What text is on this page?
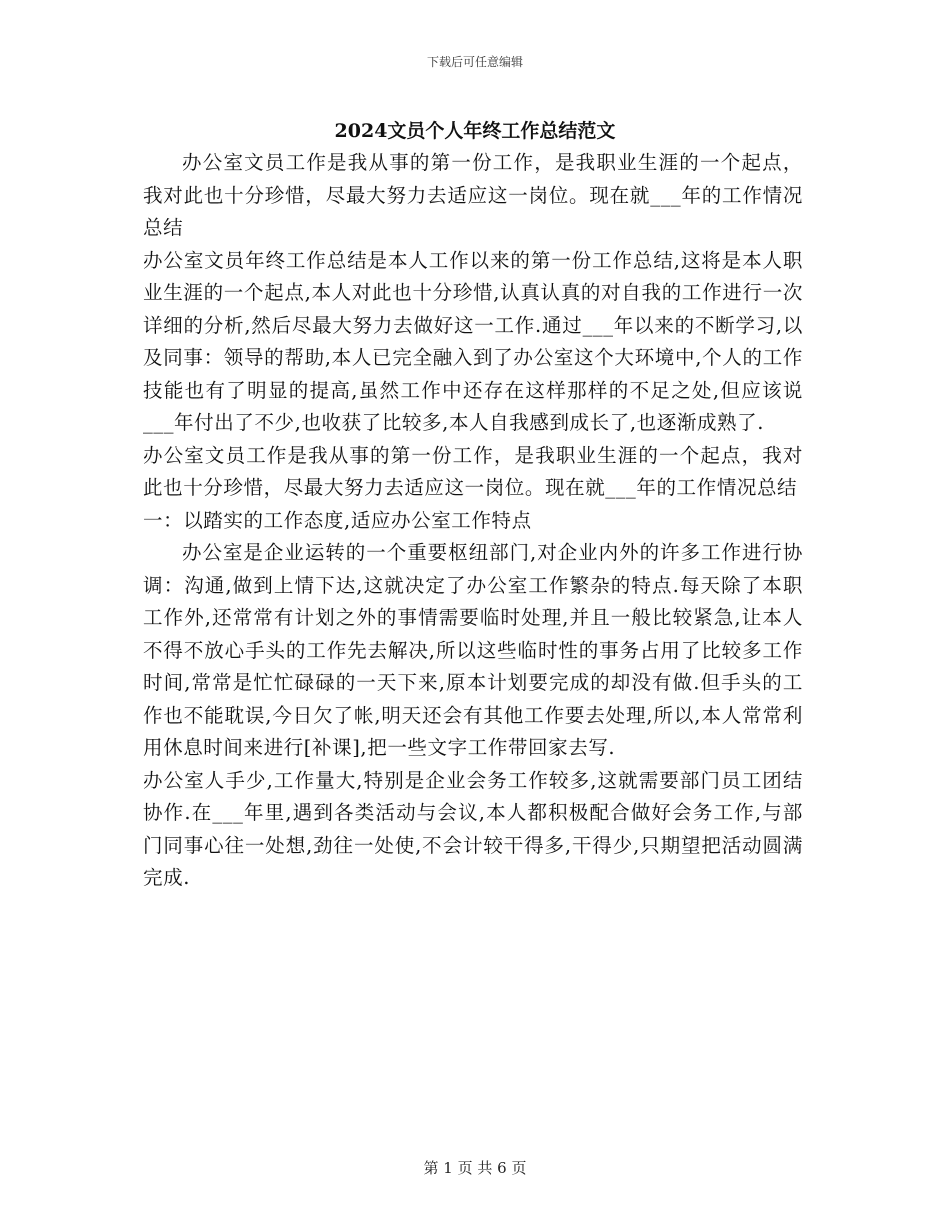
下载后可任意编辑
2024文员个人年终工作总结范文

办公室文员工作是我从事的第一份工作，是我职业生涯的一个起点，我对此也十分珍惜，尽最大努力去适应这一岗位。现在就___年的工作情况总结

办公室文员年终工作总结是本人工作以来的第一份工作总结,这将是本人职业生涯的一个起点,本人对此也十分珍惜,认真认真的对自我的工作进行一次详细的分析,然后尽最大努力去做好这一工作.通过___年以来的不断学习,以及同事：领导的帮助,本人已完全融入到了办公室这个大环境中,个人的工作技能也有了明显的提高,虽然工作中还存在这样那样的不足之处,但应该说___年付出了不少,也收获了比较多,本人自我感到成长了,也逐渐成熟了.

办公室文员工作是我从事的第一份工作，是我职业生涯的一个起点，我对此也十分珍惜，尽最大努力去适应这一岗位。现在就___年的工作情况总结

一：以踏实的工作态度,适应办公室工作特点

办公室是企业运转的一个重要枢纽部门,对企业内外的许多工作进行协调：沟通,做到上情下达,这就决定了办公室工作繁杂的特点.每天除了本职工作外,还常常有计划之外的事情需要临时处理,并且一般比较紧急,让本人不得不放心手头的工作先去解决,所以这些临时性的事务占用了比较多工作时间,常常是忙忙碌碌的一天下来,原本计划要完成的却没有做.但手头的工作也不能耽误,今日欠了帐,明天还会有其他工作要去处理,所以,本人常常利用休息时间来进行[补课],把一些文字工作带回家去写.

办公室人手少,工作量大,特别是企业会务工作较多,这就需要部门员工团结协作.在___年里,遇到各类活动与会议,本人都积极配合做好会务工作,与部门同事心往一处想,劲往一处使,不会计较干得多,干得少,只期望把活动圆满完成.

第 1 页 共 6 页
